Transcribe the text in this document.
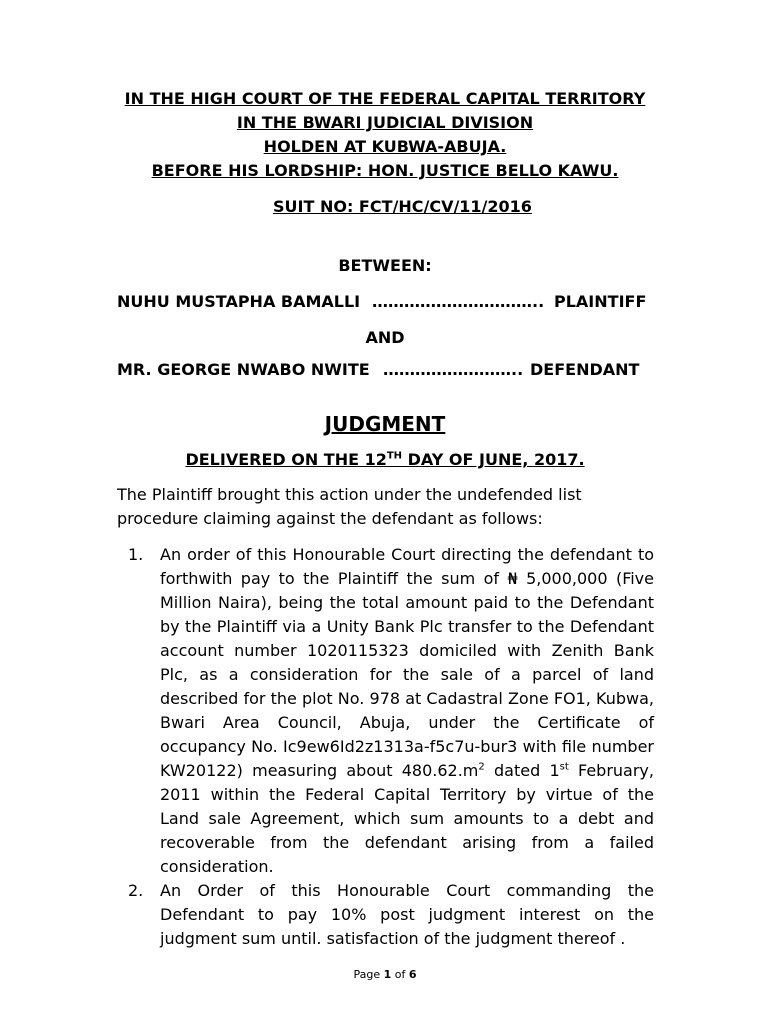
IN THE HIGH COURT OF THE FEDERAL CAPITAL TERRITORY
IN THE BWARI JUDICIAL DIVISION
HOLDEN AT KUBWA-ABUJA.
BEFORE HIS LORDSHIP: HON. JUSTICE BELLO KAWU.
SUIT NO: FCT/HC/CV/11/2016
BETWEEN:
NUHU MUSTAPHA BAMALLI ………………………….. PLAINTIFF
AND
MR. GEORGE NWABO NWITE …………………….. DEFENDANT
JUDGMENT
DELIVERED ON THE 12TH DAY OF JUNE, 2017.
The Plaintiff brought this action under the undefended list procedure claiming against the defendant as follows:
1. An order of this Honourable Court directing the defendant to forthwith pay to the Plaintiff the sum of ₦ 5,000,000 (Five Million Naira), being the total amount paid to the Defendant by the Plaintiff via a Unity Bank Plc transfer to the Defendant account number 1020115323 domiciled with Zenith Bank Plc, as a consideration for the sale of a parcel of land described for the plot No. 978 at Cadastral Zone FO1, Kubwa, Bwari Area Council, Abuja, under the Certificate of occupancy No. Ic9ew6Id2z1313a-f5c7u-bur3 with file number KW20122) measuring about $480.62.m^2$ dated 1st February, 2011 within the Federal Capital Territory by virtue of the Land sale Agreement, which sum amounts to a debt and recoverable from the defendant arising from a failed consideration.
2. An Order of this Honourable Court commanding the Defendant to pay 10% post judgment interest on the judgment sum until. satisfaction of the judgment thereof .
Page 1 of 6
